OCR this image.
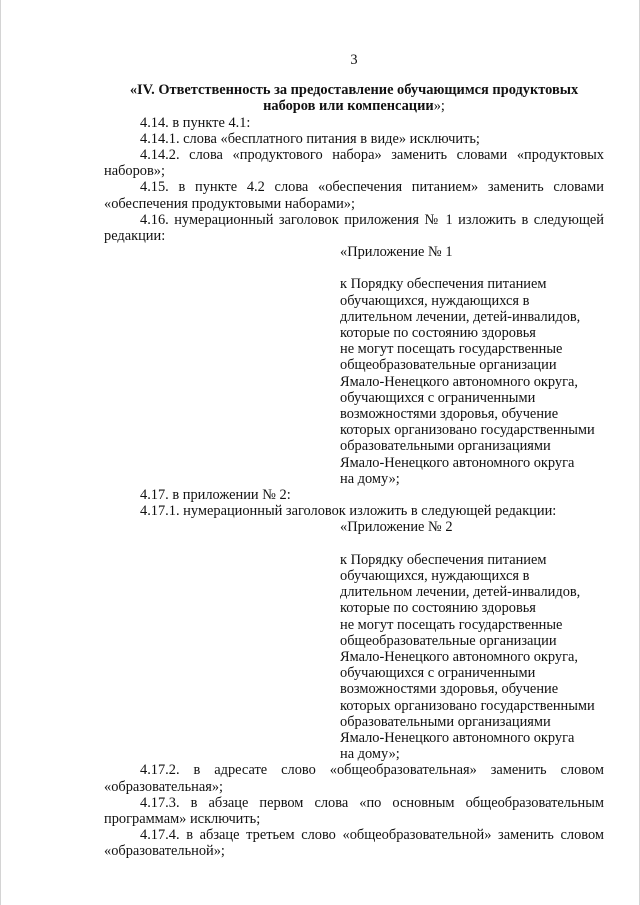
3
«IV. Ответственность за предоставление обучающимся продуктовых наборов или компенсации»;
4.14. в пункте 4.1:
4.14.1. слова «бесплатного питания в виде» исключить;
4.14.2. слова «продуктового набора» заменить словами «продуктовых наборов»;
4.15. в пункте 4.2 слова «обеспечения питанием» заменить словами «обеспечения продуктовыми наборами»;
4.16. нумерационный заголовок приложения № 1 изложить в следующей редакции:
«Приложение № 1
к Порядку обеспечения питанием
обучающихся, нуждающихся в
длительном лечении, детей-инвалидов,
которые по состоянию здоровья
не могут посещать государственные
общеобразовательные организации
Ямало-Ненецкого автономного округа,
обучающихся с ограниченными
возможностями здоровья, обучение
которых организовано государственными
образовательными организациями
Ямало-Ненецкого автономного округа
на дому»;
4.17. в приложении № 2:
4.17.1. нумерационный заголовок изложить в следующей редакции:
«Приложение № 2
к Порядку обеспечения питанием
обучающихся, нуждающихся в
длительном лечении, детей-инвалидов,
которые по состоянию здоровья
не могут посещать государственные
общеобразовательные организации
Ямало-Ненецкого автономного округа,
обучающихся с ограниченными
возможностями здоровья, обучение
которых организовано государственными
образовательными организациями
Ямало-Ненецкого автономного округа
на дому»;
4.17.2. в адресате слово «общеобразовательная» заменить словом «образовательная»;
4.17.3. в абзаце первом слова «по основным общеобразовательным программам» исключить;
4.17.4. в абзаце третьем слово «общеобразовательной» заменить словом «образовательной»;
